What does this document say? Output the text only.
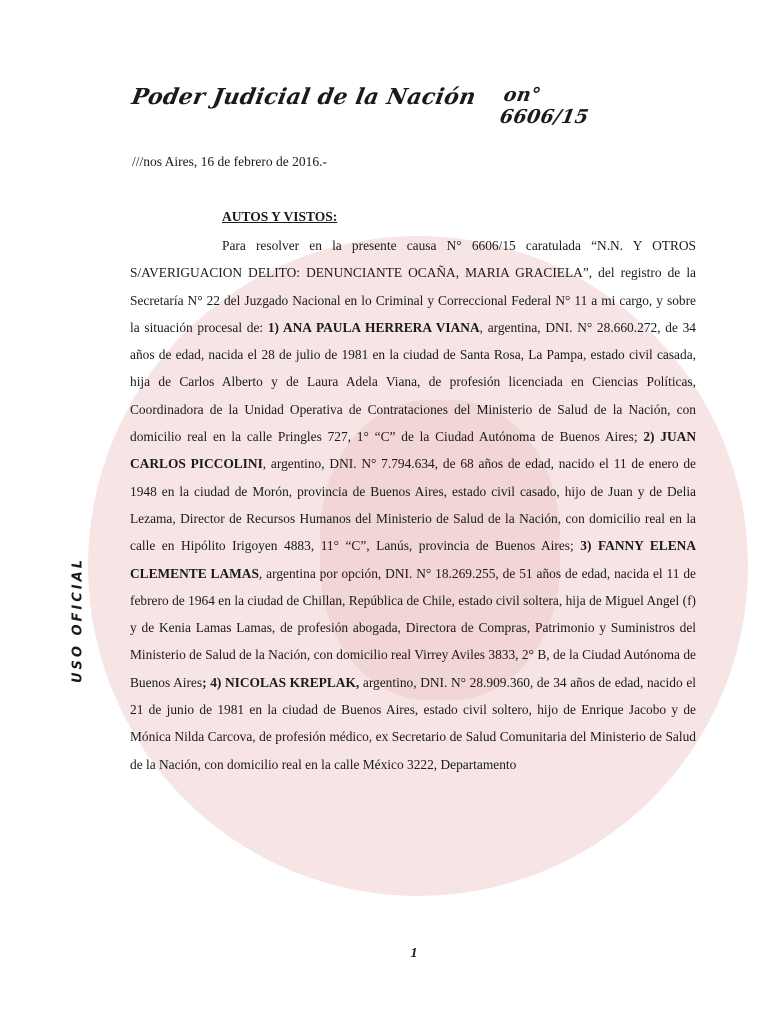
Poder Judicial de la Nación on° 6606/15
///nos Aires, 16 de febrero de 2016.-
AUTOS Y VISTOS:

Para resolver en la presente causa N° 6606/15 caratulada “N.N. Y OTROS S/AVERIGUACION DELITO: DENUNCIANTE OCAÑA, MARIA GRACIELA”, del registro de la Secretaría N° 22 del Juzgado Nacional en lo Criminal y Correccional Federal N° 11 a mi cargo, y sobre la situación procesal de: 1) ANA PAULA HERRERA VIANA, argentina, DNI. N° 28.660.272, de 34 años de edad, nacida el 28 de julio de 1981 en la ciudad de Santa Rosa, La Pampa, estado civil casada, hija de Carlos Alberto y de Laura Adela Viana, de profesión licenciada en Ciencias Políticas, Coordinadora de la Unidad Operativa de Contrataciones del Ministerio de Salud de la Nación, con domicilio real en la calle Pringles 727, 1° “C” de la Ciudad Autónoma de Buenos Aires; 2) JUAN CARLOS PICCOLINI, argentino, DNI. N° 7.794.634, de 68 años de edad, nacido el 11 de enero de 1948 en la ciudad de Morón, provincia de Buenos Aires, estado civil casado, hijo de Juan y de Delia Lezama, Director de Recursos Humanos del Ministerio de Salud de la Nación, con domicilio real en la calle en Hipólito Irigoyen 4883, 11° “C”, Lanús, provincia de Buenos Aires; 3) FANNY ELENA CLEMENTE LAMAS, argentina por opción, DNI. N° 18.269.255, de 51 años de edad, nacida el 11 de febrero de 1964 en la ciudad de Chillan, República de Chile, estado civil soltera, hija de Miguel Angel (f) y de Kenia Lamas Lamas, de profesión abogada, Directora de Compras, Patrimonio y Suministros del Ministerio de Salud de la Nación, con domicilio real Virrey Aviles 3833, 2° B, de la Ciudad Autónoma de Buenos Aires; 4) NICOLAS KREPLAK, argentino, DNI. N° 28.909.360, de 34 años de edad, nacido el 21 de junio de 1981 en la ciudad de Buenos Aires, estado civil soltero, hijo de Enrique Jacobo y de Mónica Nilda Carcova, de profesión médico, ex Secretario de Salud Comunitaria del Ministerio de Salud de la Nación, con domicilio real en la calle México 3222, Departamento

USO OFICIAL
1
